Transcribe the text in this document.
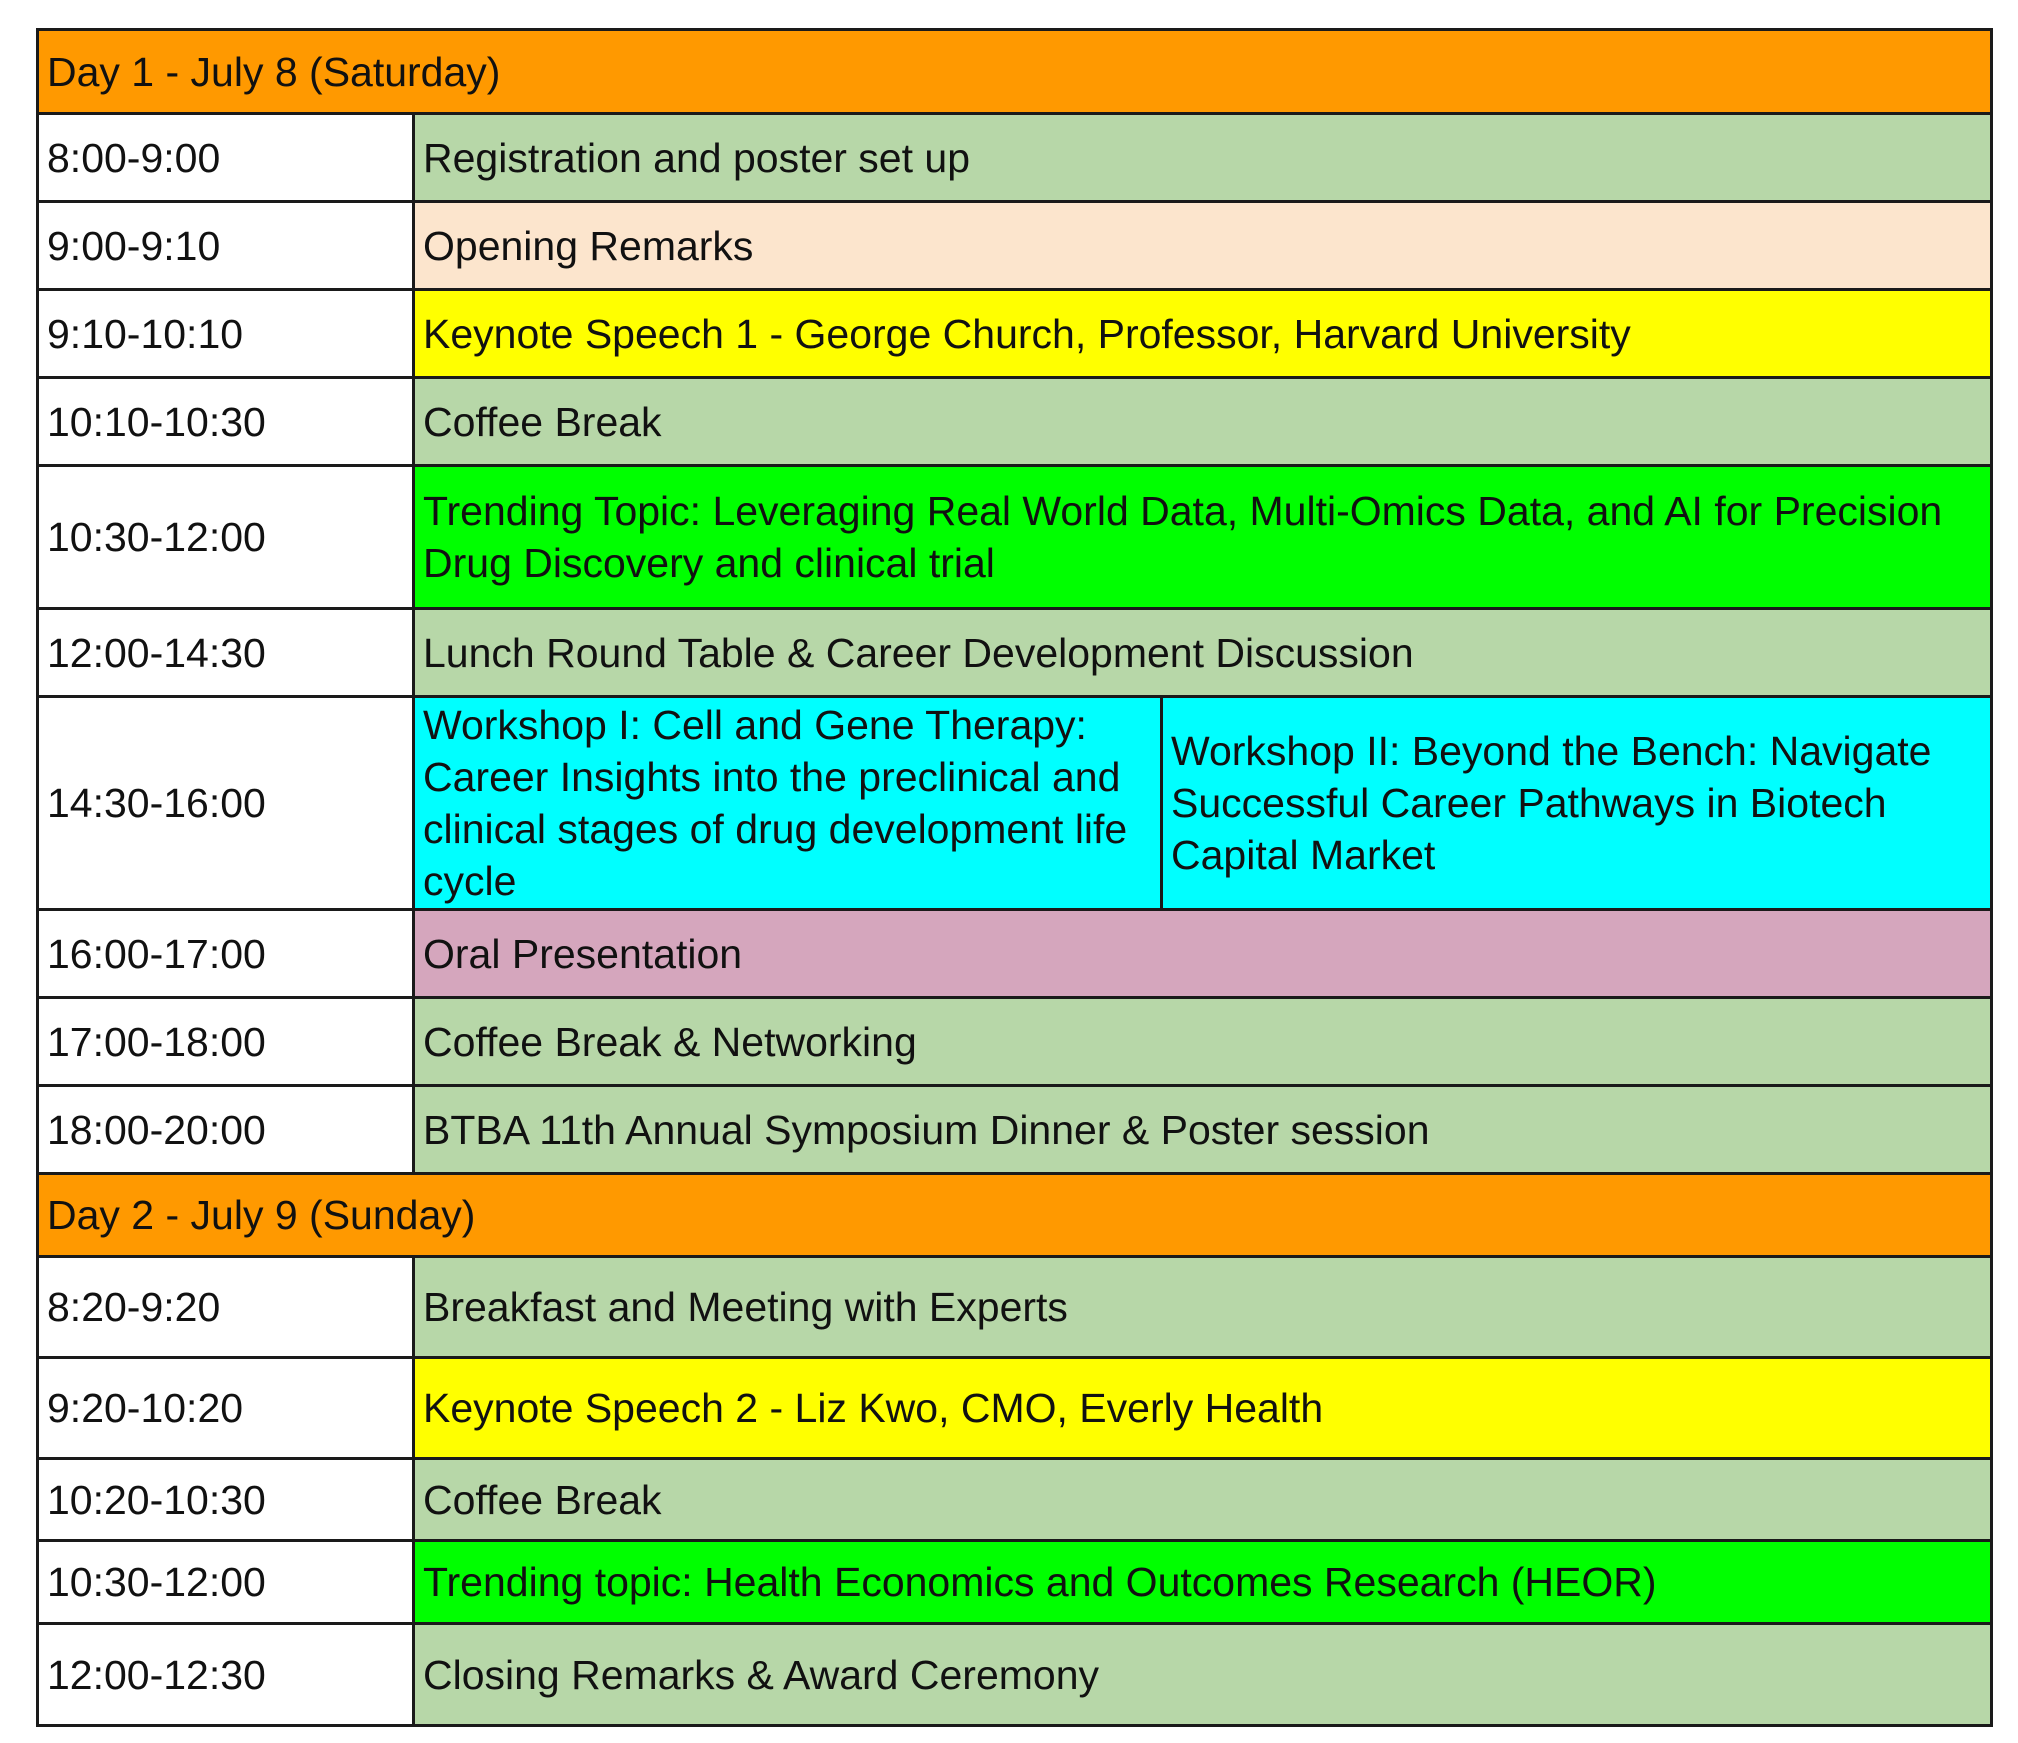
Day 1 - July 8 (Saturday)		
8:00-9:00	Registration and poster set up	
9:00-9:10	Opening Remarks	
9:10-10:10	Keynote Speech 1 - George Church, Professor, Harvard University	
10:10-10:30	Coffee Break	
10:30-12:00	Trending Topic: Leveraging Real World Data, Multi-Omics Data, and AI for Precision Drug Discovery and clinical trial	
12:00-14:30	Lunch Round Table & Career Development Discussion	
14:30-16:00	Workshop I: Cell and Gene Therapy: Career Insights into the preclinical and clinical stages of drug development life cycle	Workshop II: Beyond the Bench: Navigate Successful Career Pathways in Biotech Capital Market
16:00-17:00	Oral Presentation	
17:00-18:00	Coffee Break & Networking	
18:00-20:00	BTBA 11th Annual Symposium Dinner & Poster session	
Day 2 - July 9 (Sunday)		
8:20-9:20	Breakfast and Meeting with Experts	
9:20-10:20	Keynote Speech 2 - Liz Kwo, CMO, Everly Health	
10:20-10:30	Coffee Break	
10:30-12:00	Trending topic: Health Economics and Outcomes Research (HEOR)	
12:00-12:30	Closing Remarks & Award Ceremony	
